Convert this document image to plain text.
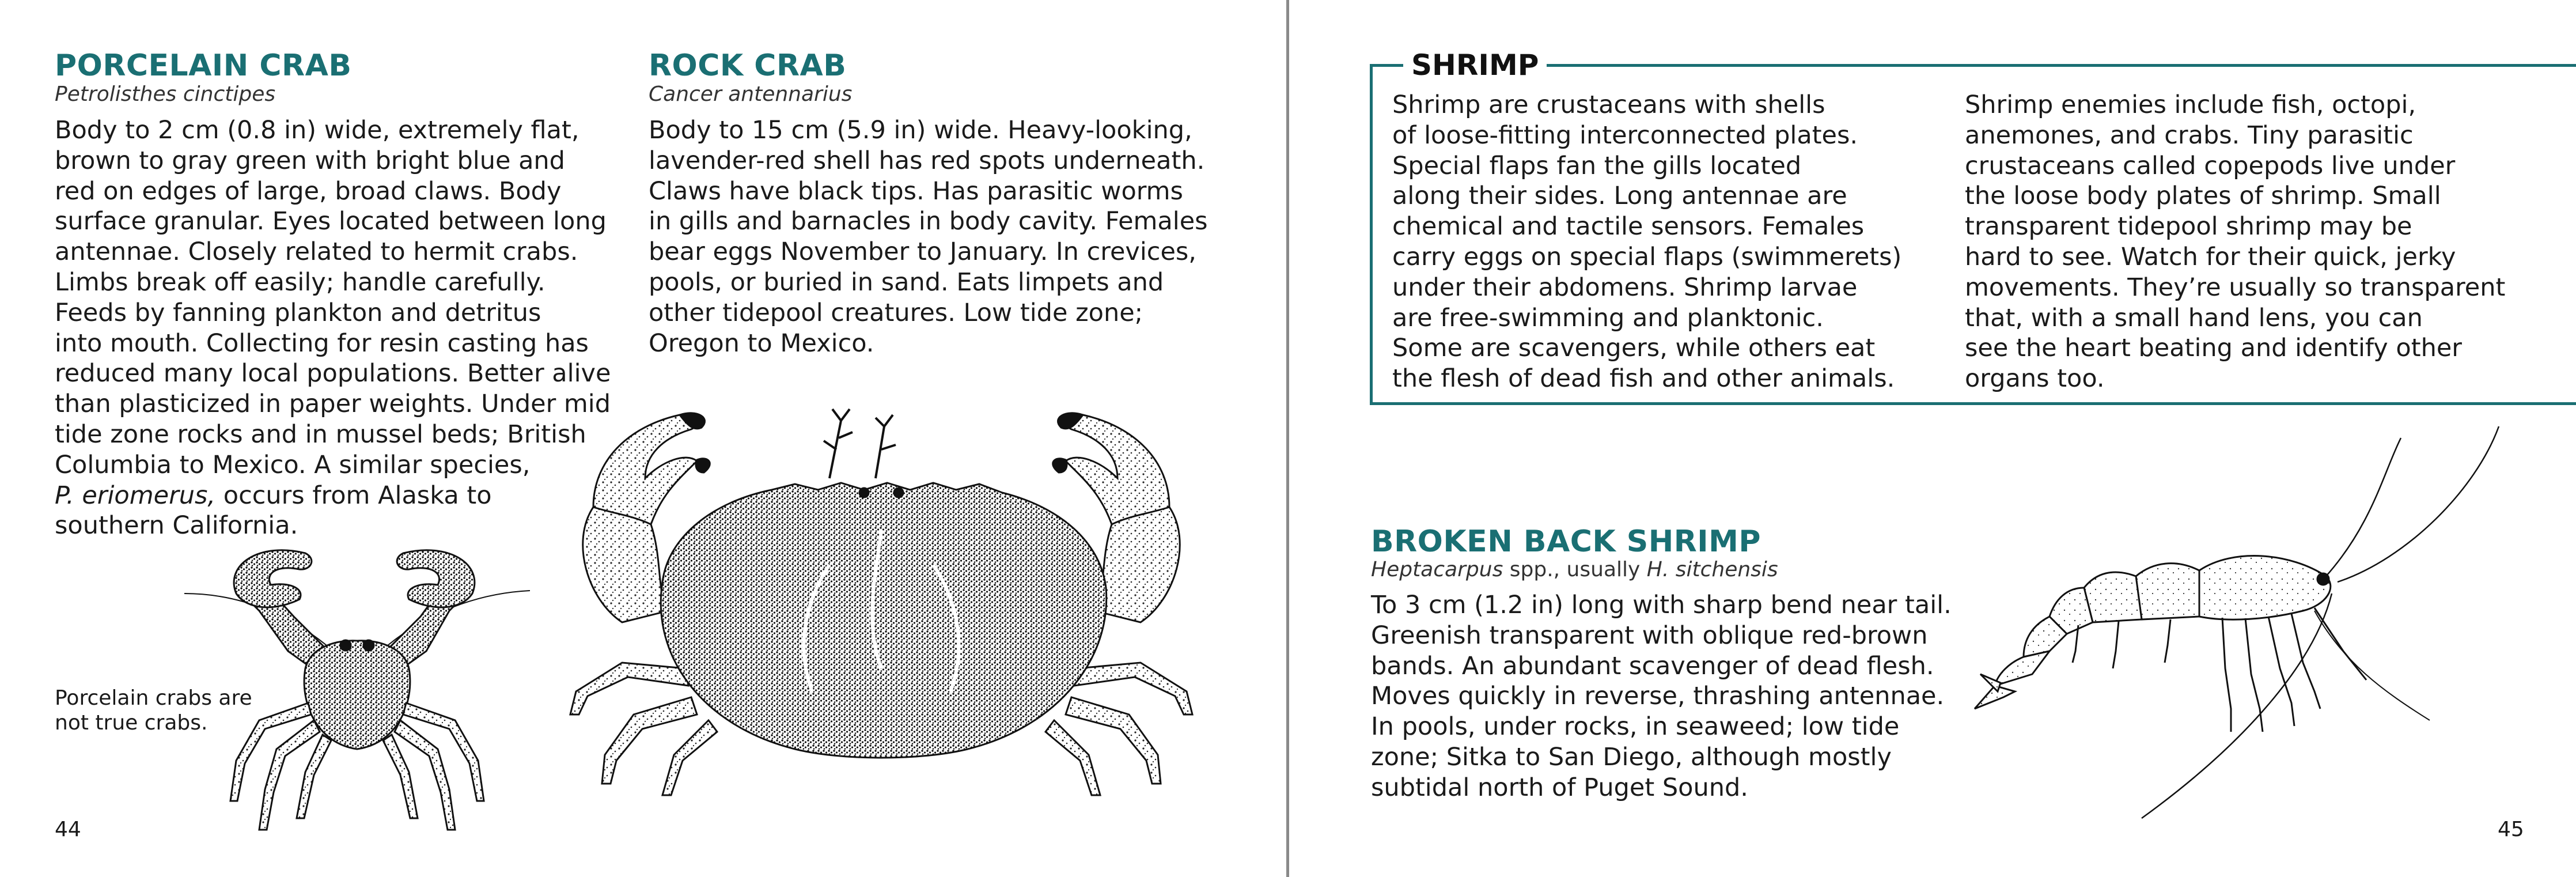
PORCELAIN CRAB
Petrolisthes cinctipes
Body to 2 cm (0.8 in) wide, extremely flat,
brown to gray green with bright blue and
red on edges of large, broad claws. Body
surface granular. Eyes located between long
antennae. Closely related to hermit crabs.
Limbs break off easily; handle carefully.
Feeds by fanning plankton and detritus
into mouth. Collecting for resin casting has
reduced many local populations. Better alive
than plasticized in paper weights. Under mid
tide zone rocks and in mussel beds; British
Columbia to Mexico. A similar species,
P. eriomerus, occurs from Alaska to
southern California.
ROCK CRAB
Cancer antennarius
Body to 15 cm (5.9 in) wide. Heavy-looking,
lavender-red shell has red spots underneath.
Claws have black tips. Has parasitic worms
in gills and barnacles in body cavity. Females
bear eggs November to January. In crevices,
pools, or buried in sand. Eats limpets and
other tidepool creatures. Low tide zone;
Oregon to Mexico.
Porcelain crabs are
not true crabs.
44
Shrimp are crustaceans with shells
of loose-fitting interconnected plates.
Special flaps fan the gills located
along their sides. Long antennae are
chemical and tactile sensors. Females
carry eggs on special flaps (swimmerets)
under their abdomens. Shrimp larvae
are free-swimming and planktonic.
Some are scavengers, while others eat
the flesh of dead fish and other animals.
Shrimp enemies include fish, octopi,
anemones, and crabs. Tiny parasitic
crustaceans called copepods live under
the loose body plates of shrimp. Small
transparent tidepool shrimp may be
hard to see. Watch for their quick, jerky
movements. They’re usually so transparent
that, with a small hand lens, you can
see the heart beating and identify other
organs too.
SHRIMP
BROKEN BACK SHRIMP
Heptacarpus spp., usually H. sitchensis
To 3 cm (1.2 in) long with sharp bend near tail.
Greenish transparent with oblique red-brown
bands. An abundant scavenger of dead flesh.
Moves quickly in reverse, thrashing antennae.
In pools, under rocks, in seaweed; low tide
zone; Sitka to San Diego, although mostly
subtidal north of Puget Sound.
45
